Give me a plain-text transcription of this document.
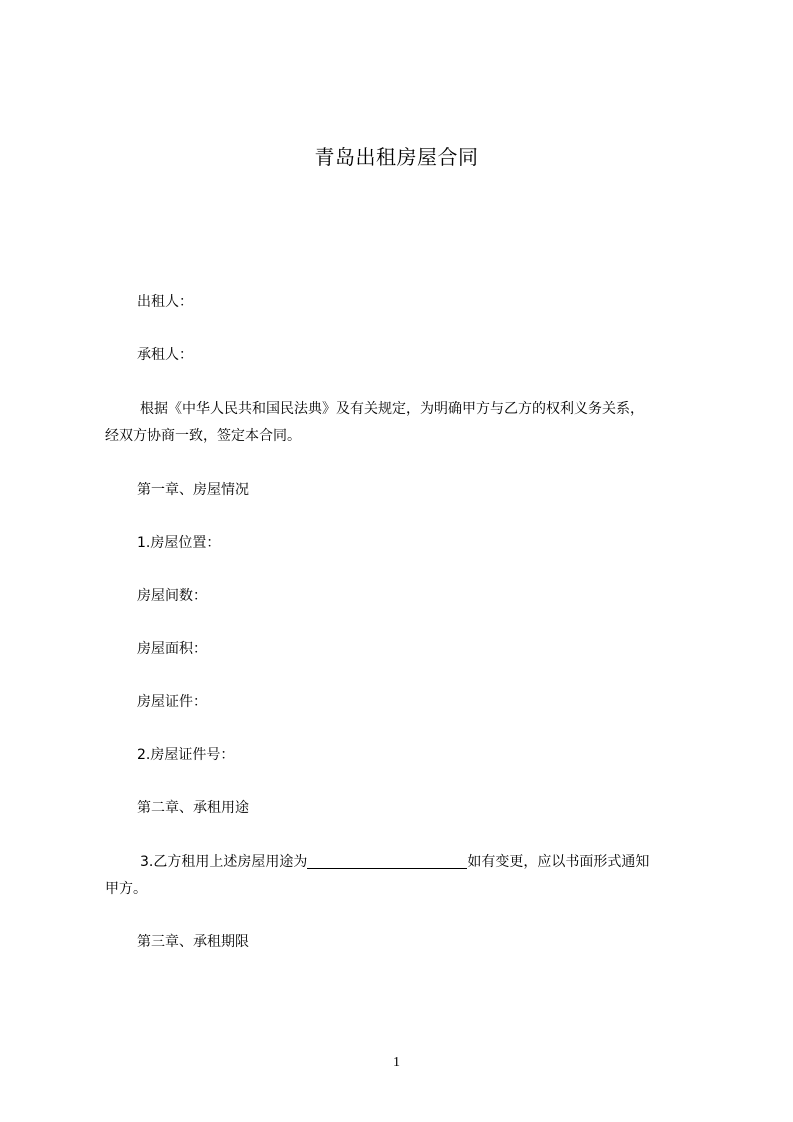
青岛出租房屋合同
出租人：
承租人：
根据《中华人民共和国民法典》及有关规定，为明确甲方与乙方的权利义务关系，
经双方协商一致，签定本合同。
第一章、房屋情况
1.房屋位置：
房屋间数：
房屋面积：
房屋证件：
2.房屋证件号：
第二章、承租用途
3.乙方租用上述房屋用途为	如有变更，应以书面形式通知
甲方。
第三章、承租期限
1
